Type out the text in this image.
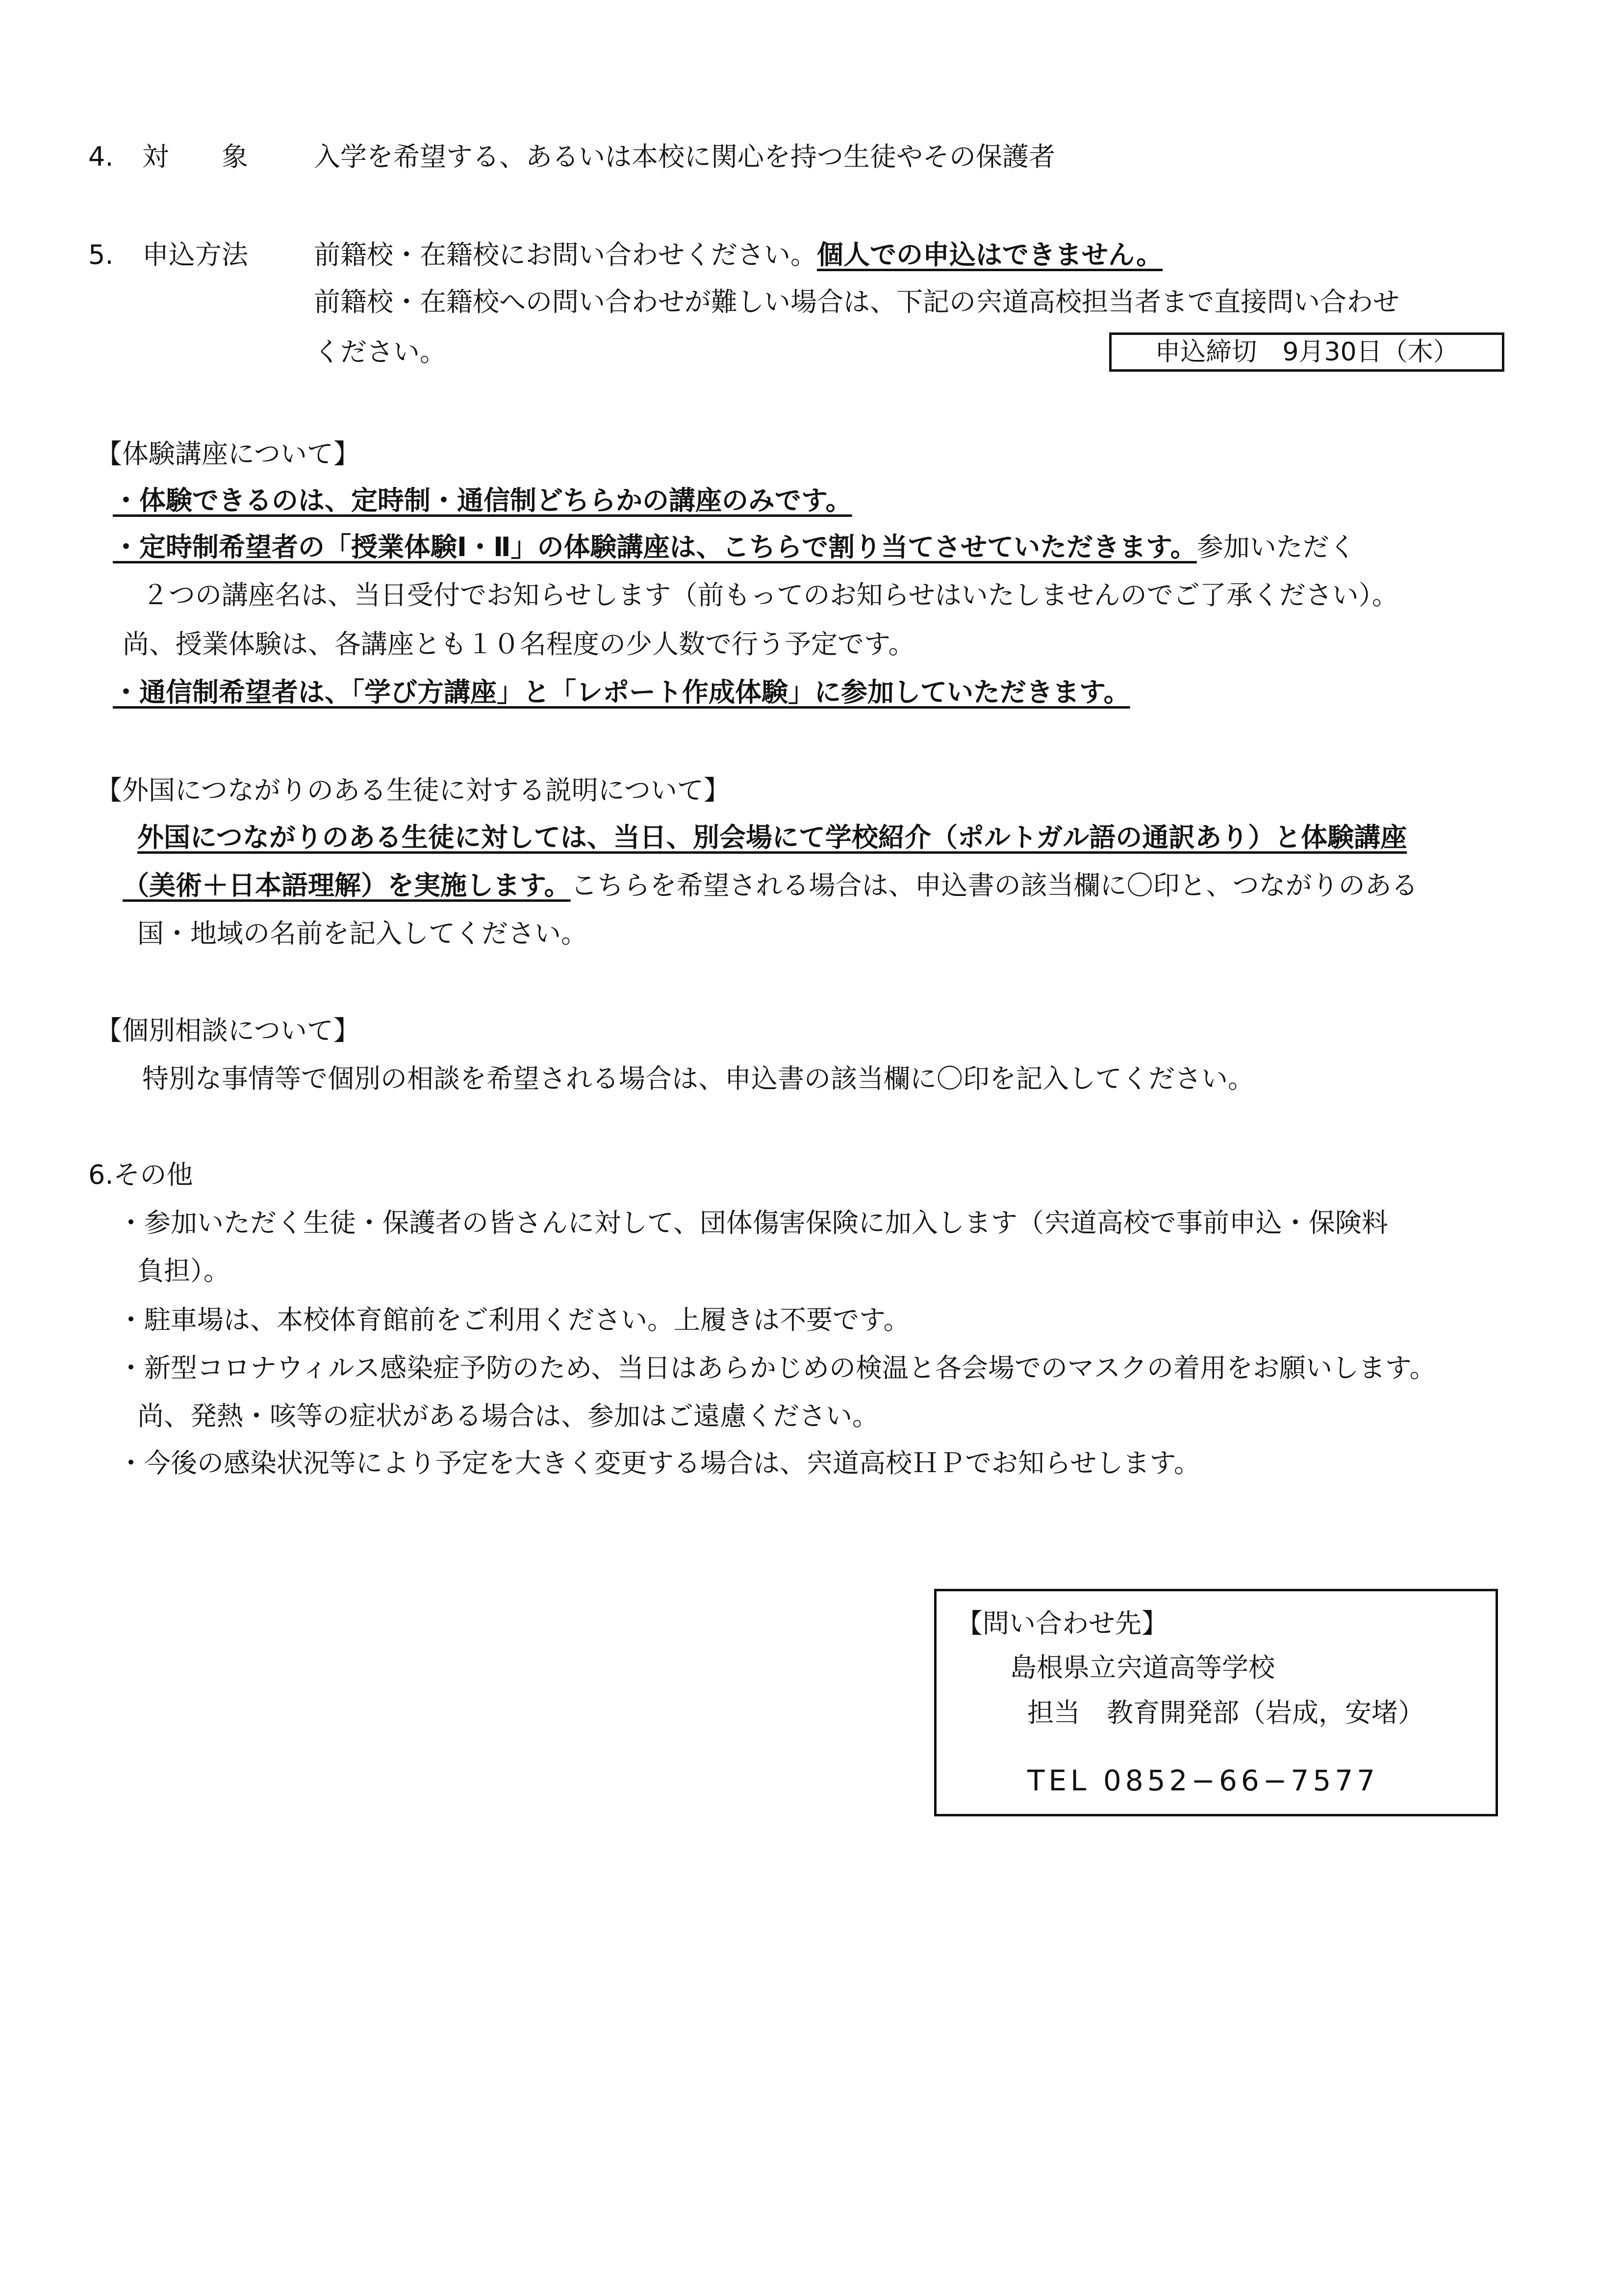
4. 対　　象 入学を希望する、あるいは本校に関心を持つ生徒やその保護者
5. 申込方法 前籍校・在籍校にお問い合わせください。個人での申込はできません。
前籍校・在籍校への問い合わせが難しい場合は、下記の宍道高校担当者まで直接問い合わせ
ください。	申込締切　9月30日（木）
【体験講座について】
・体験できるのは、定時制・通信制どちらかの講座のみです。
・定時制希望者の「授業体験Ⅰ・Ⅱ」の体験講座は、こちらで割り当てさせていただきます。参加いただく
２つの講座名は、当日受付でお知らせします（前もってのお知らせはいたしませんのでご了承ください）。
尚、授業体験は、各講座とも１０名程度の少人数で行う予定です。
・通信制希望者は、「学び方講座」と「レポート作成体験」に参加していただきます。
【外国につながりのある生徒に対する説明について】
外国につながりのある生徒に対しては、当日、別会場にて学校紹介（ポルトガル語の通訳あり）と体験講座
（美術＋日本語理解）を実施します。こちらを希望される場合は、申込書の該当欄に〇印と、つながりのある
国・地域の名前を記入してください。
【個別相談について】
特別な事情等で個別の相談を希望される場合は、申込書の該当欄に〇印を記入してください。
6.その他
・参加いただく生徒・保護者の皆さんに対して、団体傷害保険に加入します（宍道高校で事前申込・保険料
負担）。
・駐車場は、本校体育館前をご利用ください。上履きは不要です。
・新型コロナウィルス感染症予防のため、当日はあらかじめの検温と各会場でのマスクの着用をお願いします。
尚、発熱・咳等の症状がある場合は、参加はご遠慮ください。
・今後の感染状況等により予定を大きく変更する場合は、宍道高校ＨＰでお知らせします。
【問い合わせ先】
島根県立宍道高等学校
担当　教育開発部（岩成，安堵）
TEL 0852−66−7577
